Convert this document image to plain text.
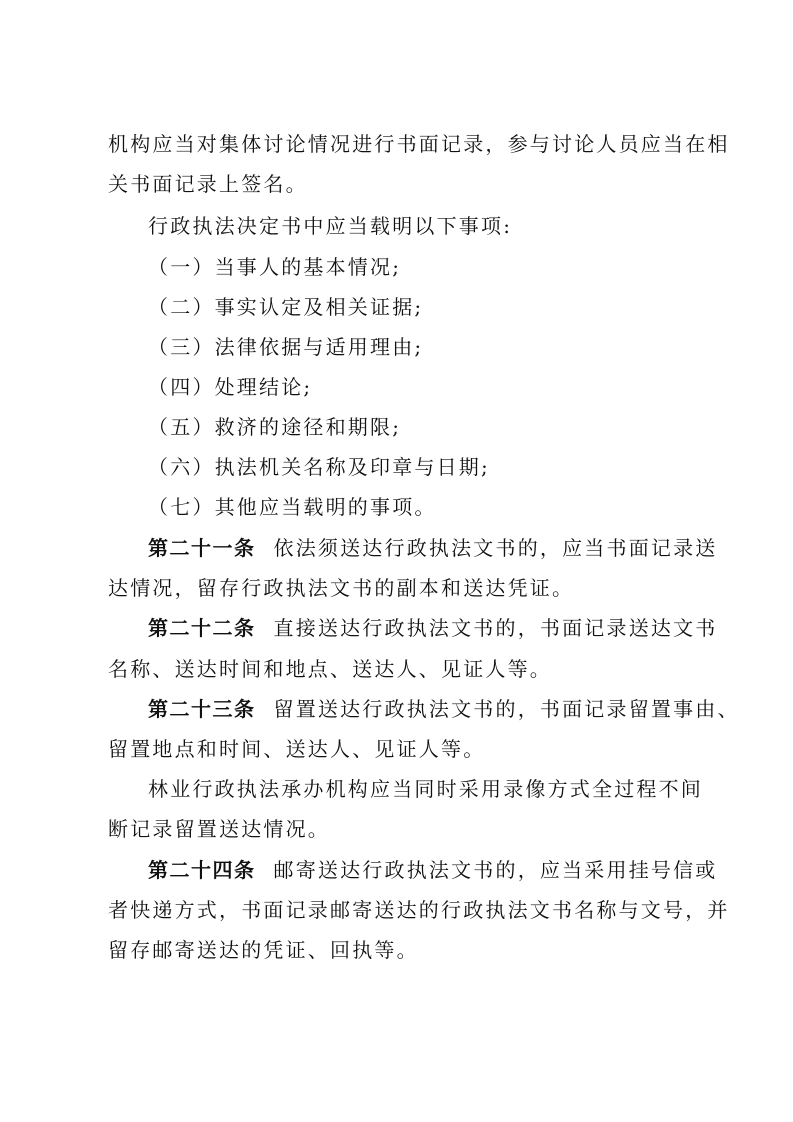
机构应当对集体讨论情况进行书面记录，参与讨论人员应当在相
关书面记录上签名。
行政执法决定书中应当载明以下事项:
（一）当事人的基本情况;
（二）事实认定及相关证据;
（三）法律依据与适用理由;
（四）处理结论;
（五）救济的途径和期限;
（六）执法机关名称及印章与日期;
（七）其他应当载明的事项。
第二十一条 依法须送达行政执法文书的，应当书面记录送
达情况，留存行政执法文书的副本和送达凭证。
第二十二条 直接送达行政执法文书的，书面记录送达文书
名称、送达时间和地点、送达人、见证人等。
第二十三条 留置送达行政执法文书的，书面记录留置事由、
留置地点和时间、送达人、见证人等。
林业行政执法承办机构应当同时采用录像方式全过程不间
断记录留置送达情况。
第二十四条 邮寄送达行政执法文书的，应当采用挂号信或
者快递方式，书面记录邮寄送达的行政执法文书名称与文号，并
留存邮寄送达的凭证、回执等。
